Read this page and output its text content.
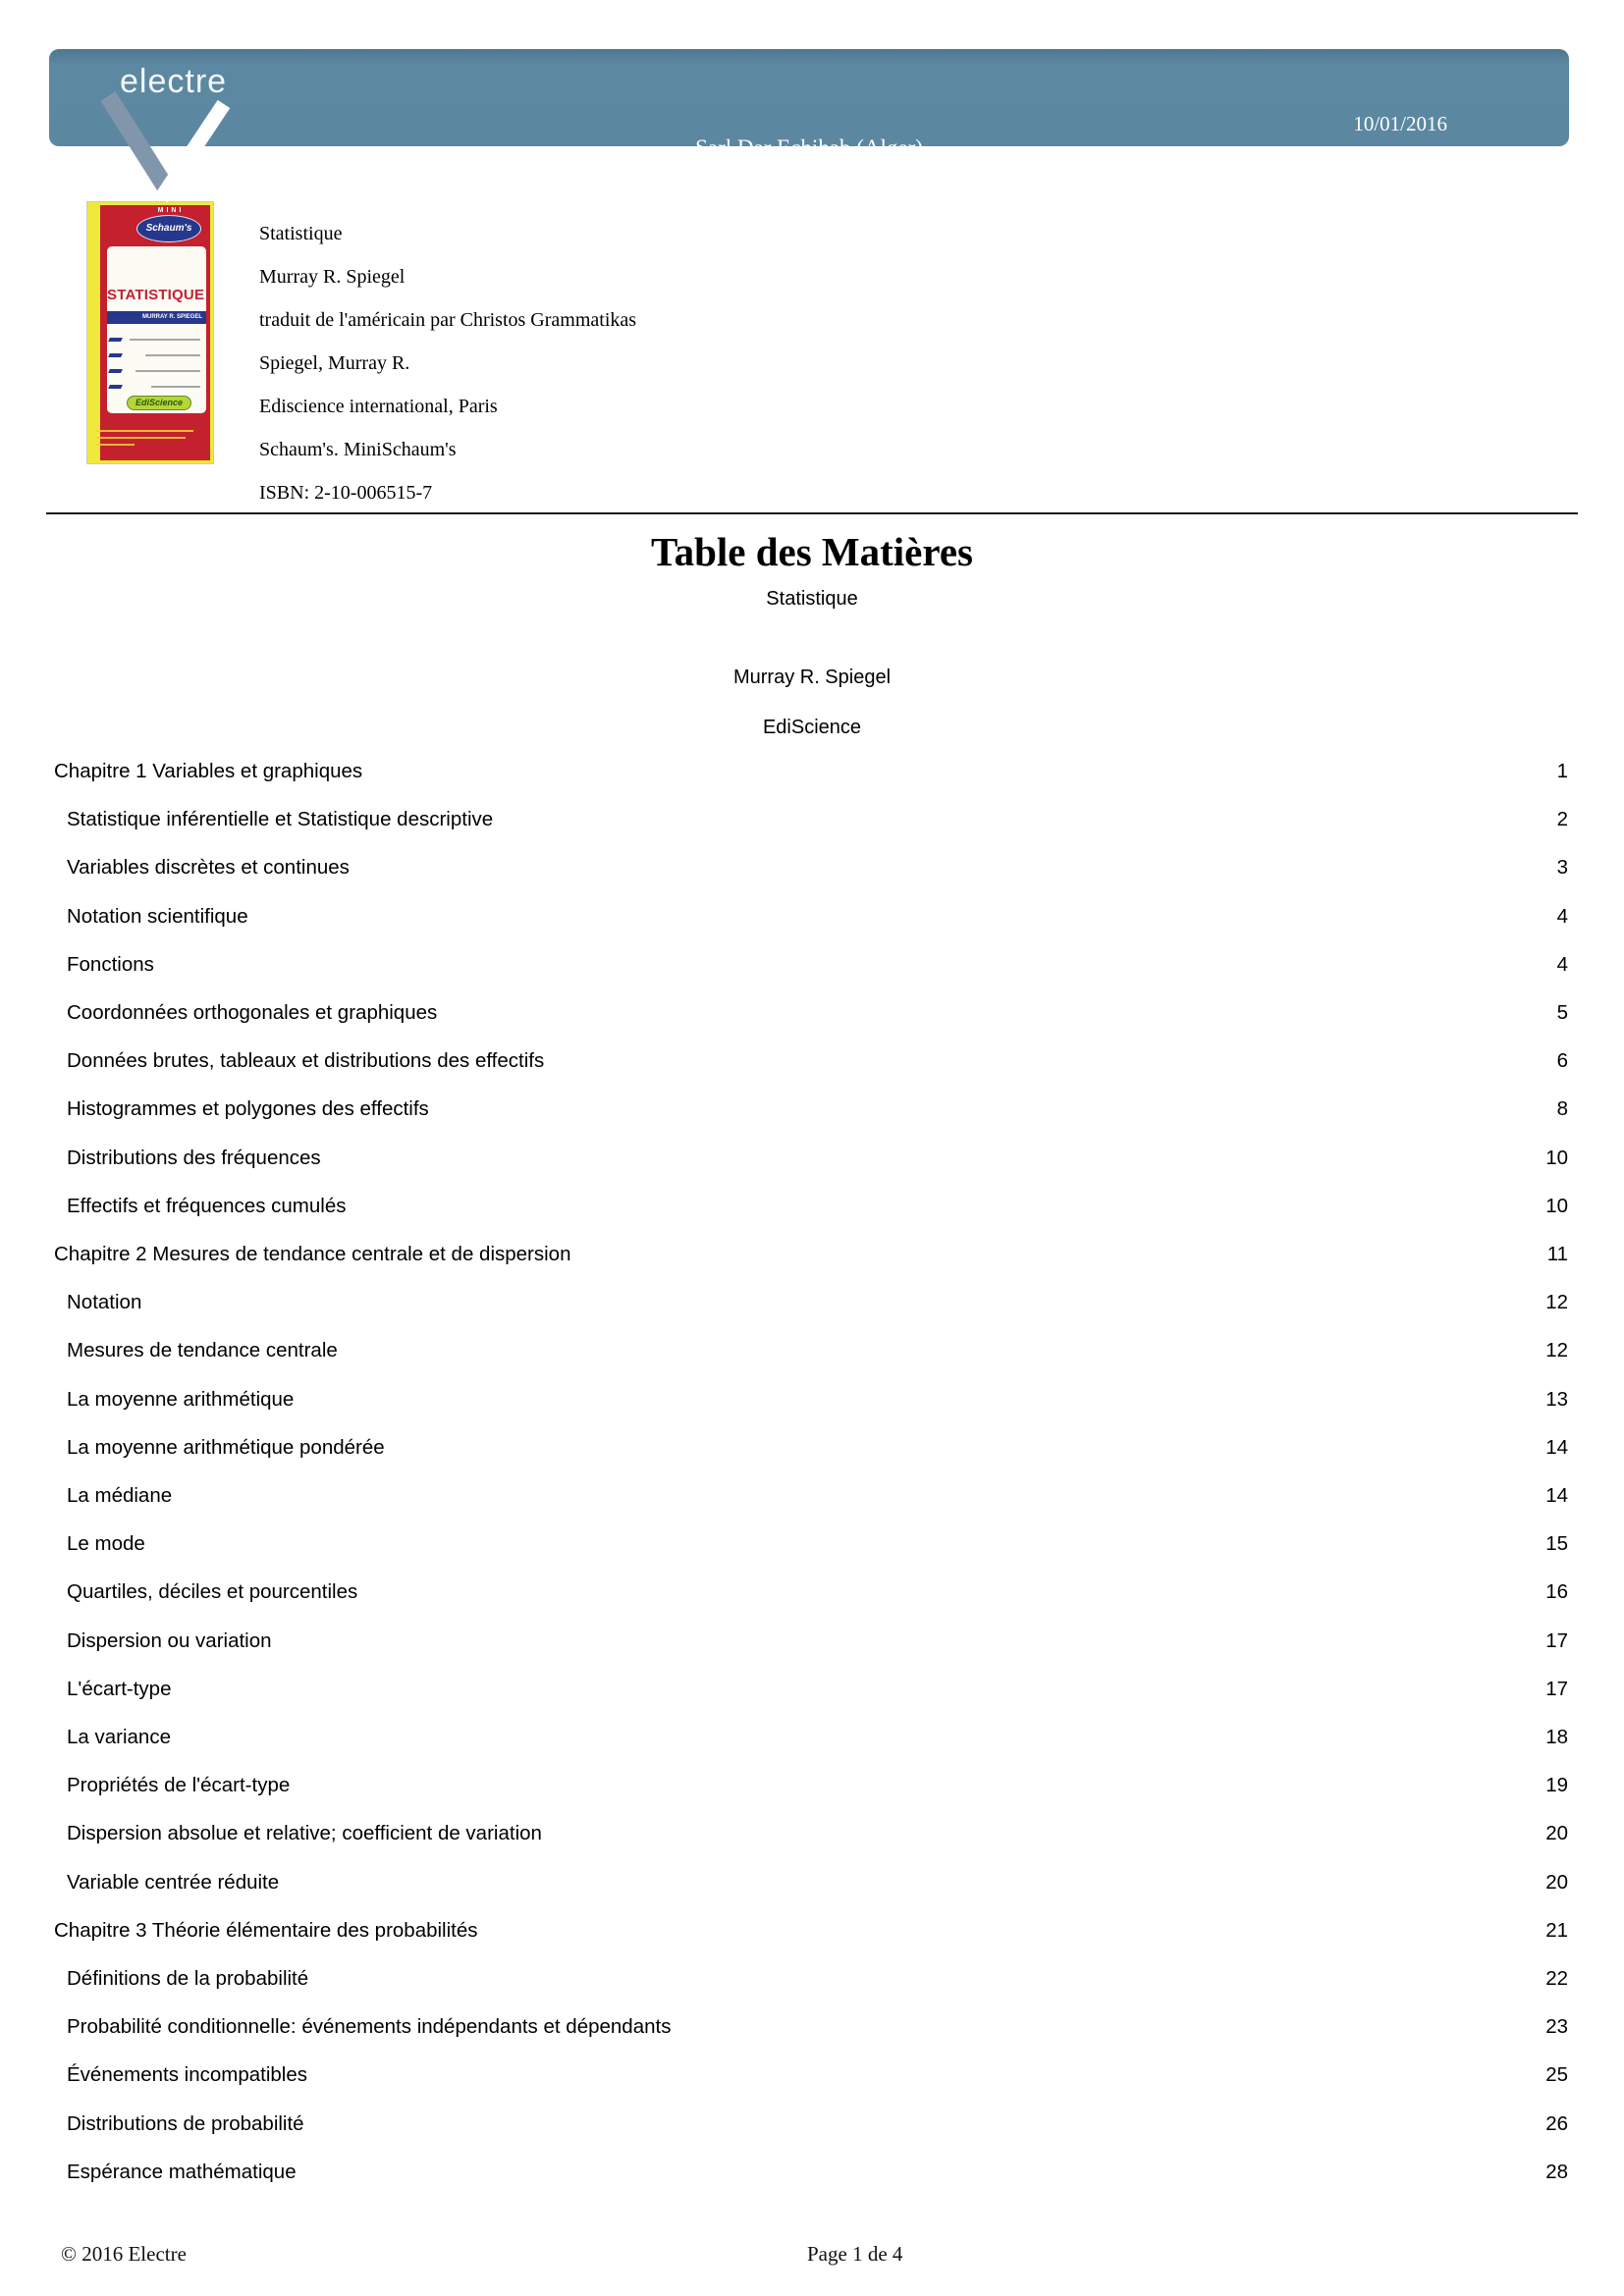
Sarl Dar Echihab (Alger)
10/01/2016
Source: Impression
electre
MINI
Schaum's
STATISTIQUE
MURRAY R. SPIEGEL
EdiScience
Statistique
Murray R. Spiegel
traduit de l'américain par Christos Grammatikas
Spiegel, Murray R.
Ediscience international, Paris
Schaum's. MiniSchaum's
ISBN: 2-10-006515-7
Table des Matières
Statistique
Murray R. Spiegel
EdiScience
Chapitre 1 Variables et graphiques	1
Statistique inférentielle et Statistique descriptive	2
Variables discrètes et continues	3
Notation scientifique	4
Fonctions	4
Coordonnées orthogonales et graphiques	5
Données brutes, tableaux et distributions des effectifs	6
Histogrammes et polygones des effectifs	8
Distributions des fréquences	10
Effectifs et fréquences cumulés	10
Chapitre 2 Mesures de tendance centrale et de dispersion	11
Notation	12
Mesures de tendance centrale	12
La moyenne arithmétique	13
La moyenne arithmétique pondérée	14
La médiane	14
Le mode	15
Quartiles, déciles et pourcentiles	16
Dispersion ou variation	17
L'écart-type	17
La variance	18
Propriétés de l'écart-type	19
Dispersion absolue et relative; coefficient de variation	20
Variable centrée réduite	20
Chapitre 3 Théorie élémentaire des probabilités	21
Définitions de la probabilité	22
Probabilité conditionnelle: événements indépendants et dépendants	23
Événements incompatibles	25
Distributions de probabilité	26
Espérance mathématique	28
© 2016 Electre	Page 1 de 4
